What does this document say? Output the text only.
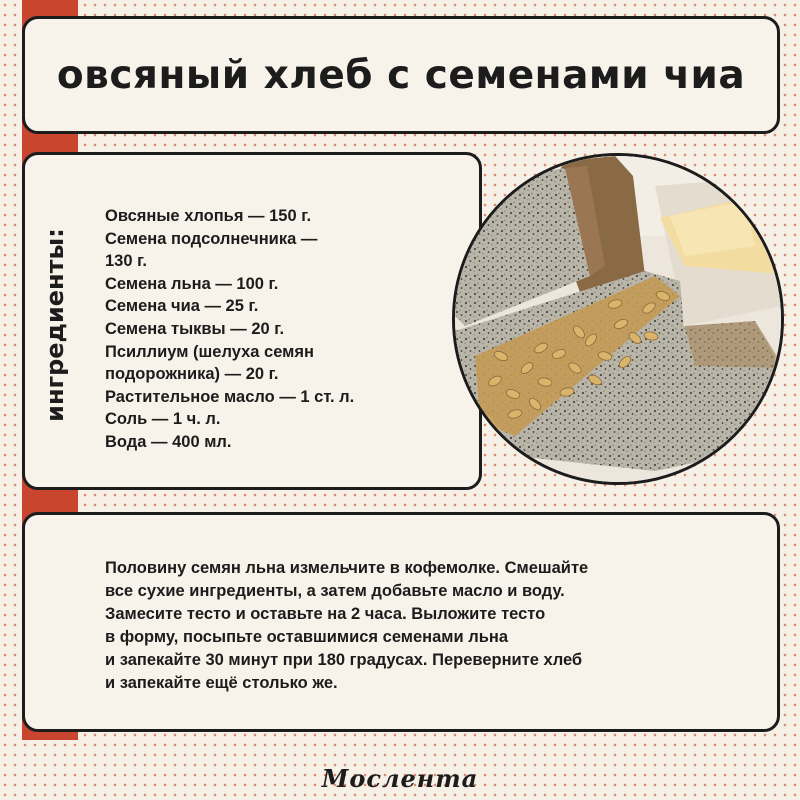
овсяный хлеб с семенами чиа
ингредиенты:
Овсяные хлопья — 150 г.
Семена подсолнечника —
130 г.
Семена льна — 100 г.
Семена чиа — 25 г.
Семена тыквы — 20 г.
Псиллиум (шелуха семян
подорожника) — 20 г.
Растительное масло — 1 ст. л.
Соль — 1 ч. л.
Вода — 400 мл.

Половину семян льна измельчите в кофемолке. Смешайте
все сухие ингредиенты, а затем добавьте масло и воду.
Замесите тесто и оставьте на 2 часа. Выложите тесто
в форму, посыпьте оставшимися семенами льна
и запекайте 30 минут при 180 градусах. Переверните хлеб
и запекайте ещё столько же.

Мослента
